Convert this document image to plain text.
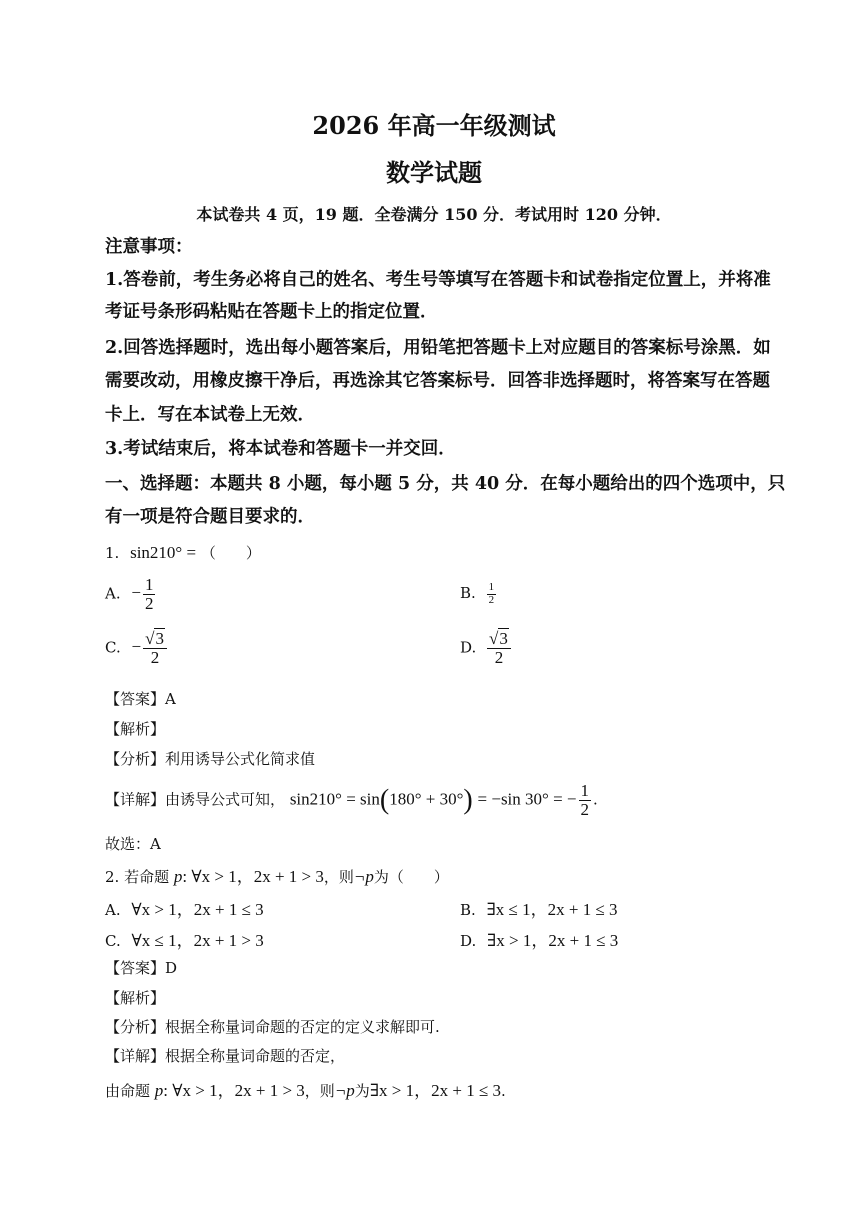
2026 年高一年级测试
数学试题
本试卷共 4 页，19 题．全卷满分 150 分．考试用时 120 分钟．
注意事项：
1.答卷前，考生务必将自己的姓名、考生号等填写在答题卡和试卷指定位置上，并将准
考证号条形码粘贴在答题卡上的指定位置．
2.回答选择题时，选出每小题答案后，用铅笔把答题卡上对应题目的答案标号涂黑．如
需要改动，用橡皮擦干净后，再选涂其它答案标号．回答非选择题时，将答案写在答题
卡上．写在本试卷上无效．
3.考试结束后，将本试卷和答题卡一并交回．
一、选择题：本题共 8 小题，每小题 5 分，共 40 分．在每小题给出的四个选项中，只
有一项是符合题目要求的．
1. sin210° = （　　）
A. − $\frac{1}{2}$	B. $\frac{1}{2}$
C. − $\frac{√3}{2}$	D. $\frac{√3}{2}$
【答案】A
【解析】
【分析】利用诱导公式化简求值
【详解】由诱导公式可知， sin210° = sin(180° + 30°) = −sin 30° = − $\frac{1}{2}$ .
故选：A
2. 若命题 p: ∀x > 1，2x + 1 > 3，则¬p为（　　）
A. ∀x > 1，2x + 1 ≤ 3	B. ∃x ≤ 1，2x + 1 ≤ 3
C. ∀x ≤ 1，2x + 1 > 3	D. ∃x > 1，2x + 1 ≤ 3
【答案】D
【解析】
【分析】根据全称量词命题的否定的定义求解即可.
【详解】根据全称量词命题的否定，
由命题 p: ∀x > 1，2x + 1 > 3，则¬p为∃x > 1，2x + 1 ≤ 3.
